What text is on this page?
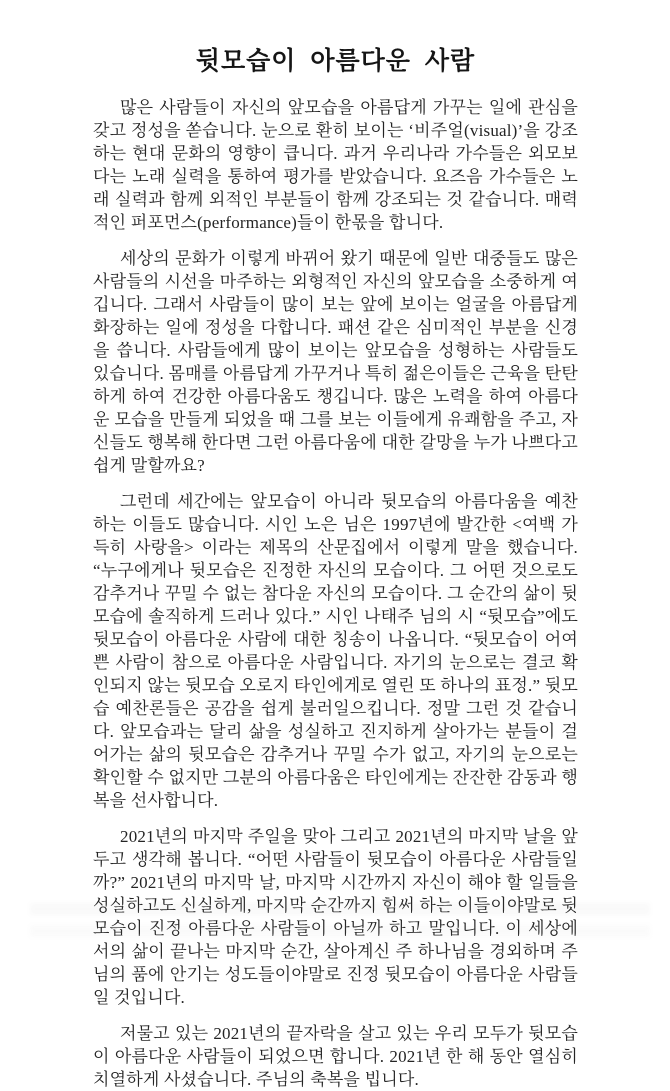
뒷모습이 아름다운 사람

많은 사람들이 자신의 앞모습을 아름답게 가꾸는 일에 관심을 갖고 정성을 쏟습니다. 눈으로 환히 보이는 ‘비주얼(visual)’을 강조하는 현대 문화의 영향이 큽니다. 과거 우리나라 가수들은 외모보다는 노래 실력을 통하여 평가를 받았습니다. 요즈음 가수들은 노래 실력과 함께 외적인 부분들이 함께 강조되는 것 같습니다. 매력적인 퍼포먼스(performance)들이 한몫을 합니다.

세상의 문화가 이렇게 바뀌어 왔기 때문에 일반 대중들도 많은 사람들의 시선을 마주하는 외형적인 자신의 앞모습을 소중하게 여깁니다. 그래서 사람들이 많이 보는 앞에 보이는 얼굴을 아름답게 화장하는 일에 정성을 다합니다. 패션 같은 심미적인 부분을 신경을 씁니다. 사람들에게 많이 보이는 앞모습을 성형하는 사람들도 있습니다. 몸매를 아름답게 가꾸거나 특히 젊은이들은 근육을 탄탄하게 하여 건강한 아름다움도 챙깁니다. 많은 노력을 하여 아름다운 모습을 만들게 되었을 때 그를 보는 이들에게 유쾌함을 주고, 자신들도 행복해 한다면 그런 아름다움에 대한 갈망을 누가 나쁘다고 쉽게 말할까요?

그런데 세간에는 앞모습이 아니라 뒷모습의 아름다움을 예찬하는 이들도 많습니다. 시인 노은 님은 1997년에 발간한 <여백 가득히 사랑을> 이라는 제목의 산문집에서 이렇게 말을 했습니다. “누구에게나 뒷모습은 진정한 자신의 모습이다. 그 어떤 것으로도 감추거나 꾸밀 수 없는 참다운 자신의 모습이다. 그 순간의 삶이 뒷모습에 솔직하게 드러나 있다.” 시인 나태주 님의 시 “뒷모습”에도 뒷모습이 아름다운 사람에 대한 칭송이 나옵니다. “뒷모습이 어여쁜 사람이 참으로 아름다운 사람입니다. 자기의 눈으로는 결코 확인되지 않는 뒷모습 오로지 타인에게로 열린 또 하나의 표정.” 뒷모습 예찬론들은 공감을 쉽게 불러일으킵니다. 정말 그런 것 같습니다. 앞모습과는 달리 삶을 성실하고 진지하게 살아가는 분들이 걸어가는 삶의 뒷모습은 감추거나 꾸밀 수가 없고, 자기의 눈으로는 확인할 수 없지만 그분의 아름다움은 타인에게는 잔잔한 감동과 행복을 선사합니다.

2021년의 마지막 주일을 맞아 그리고 2021년의 마지막 날을 앞두고 생각해 봅니다. “어떤 사람들이 뒷모습이 아름다운 사람들일까?” 2021년의 마지막 날, 마지막 시간까지 자신이 해야 할 일들을 성실하고도 신실하게, 마지막 순간까지 힘써 하는 이들이야말로 뒷모습이 진정 아름다운 사람들이 아닐까 하고 말입니다. 이 세상에서의 삶이 끝나는 마지막 순간, 살아계신 주 하나님을 경외하며 주님의 품에 안기는 성도들이야말로 진정 뒷모습이 아름다운 사람들일 것입니다.

저물고 있는 2021년의 끝자락을 살고 있는 우리 모두가 뒷모습이 아름다운 사람들이 되었으면 합니다. 2021년 한 해 동안 열심히 치열하게 사셨습니다. 주님의 축복을 빕니다.
